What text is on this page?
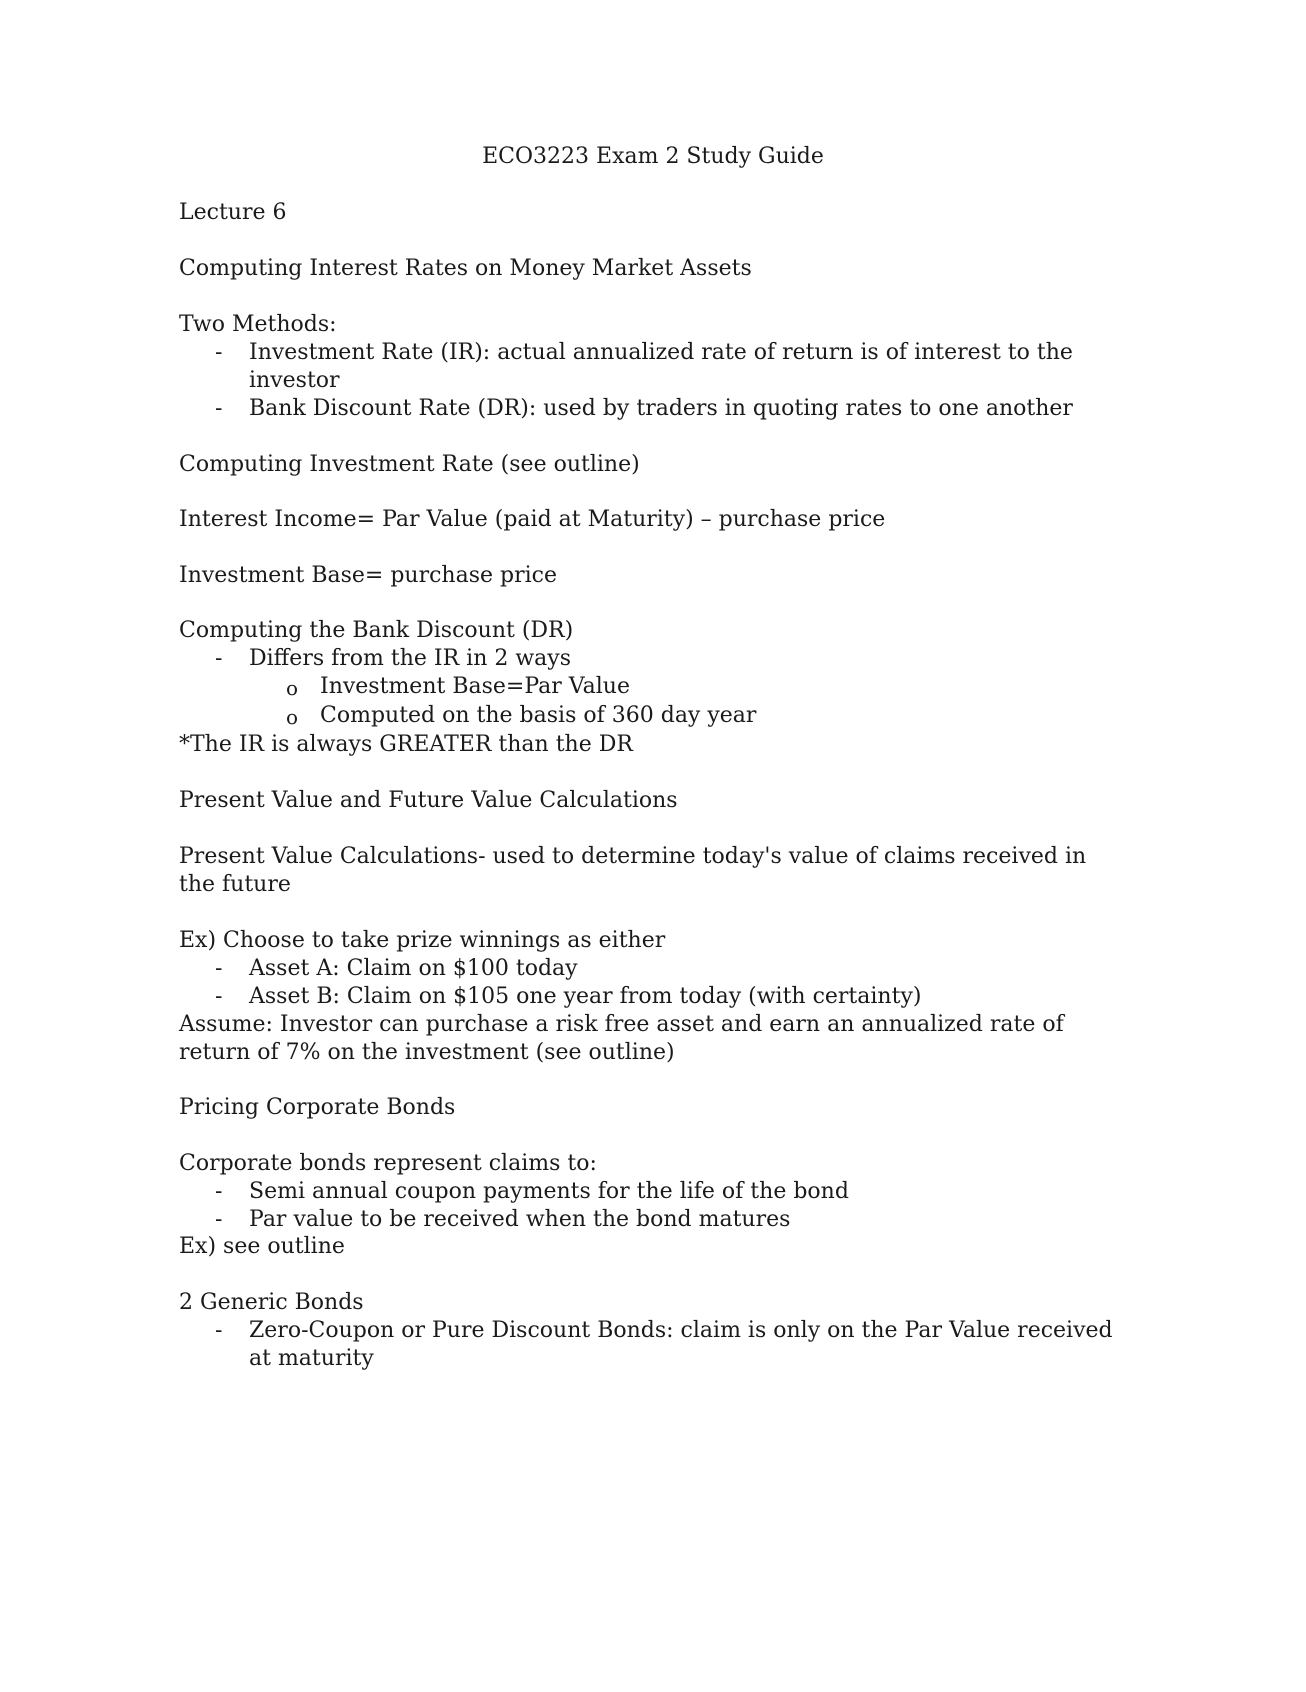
ECO3223 Exam 2 Study Guide
Lecture 6
Computing Interest Rates on Money Market Assets
Two Methods:
- Investment Rate (IR): actual annualized rate of return is of interest to the
investor
- Bank Discount Rate (DR): used by traders in quoting rates to one another
Computing Investment Rate (see outline)
Interest Income= Par Value (paid at Maturity) – purchase price
Investment Base= purchase price
Computing the Bank Discount (DR)
- Differs from the IR in 2 ways
o Investment Base=Par Value
o Computed on the basis of 360 day year
*The IR is always GREATER than the DR
Present Value and Future Value Calculations
Present Value Calculations- used to determine today's value of claims received in
the future
Ex) Choose to take prize winnings as either
- Asset A: Claim on $100 today
- Asset B: Claim on $105 one year from today (with certainty)
Assume: Investor can purchase a risk free asset and earn an annualized rate of
return of 7% on the investment (see outline)
Pricing Corporate Bonds
Corporate bonds represent claims to:
- Semi annual coupon payments for the life of the bond
- Par value to be received when the bond matures
Ex) see outline
2 Generic Bonds
- Zero-Coupon or Pure Discount Bonds: claim is only on the Par Value received
at maturity
